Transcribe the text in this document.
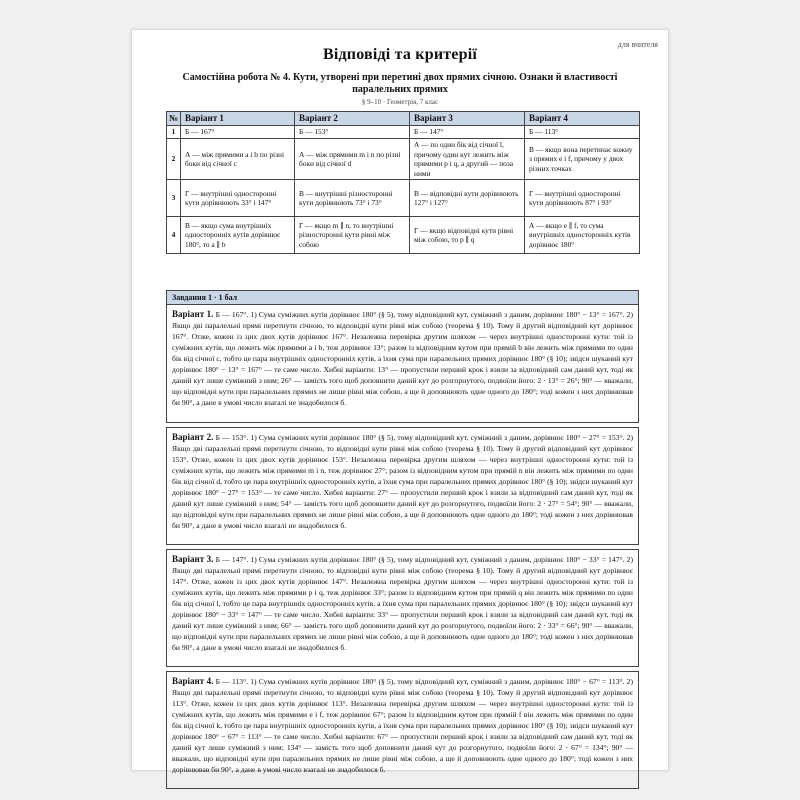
для вчителя
Відповіді та критерії
Самостійна робота № 4. Кути, утворені при перетині двох прямих січною. Ознаки й властивості паралельних прямих
§ 9–10 · Геометрія, 7 клас
№	Варіант 1	Варіант 2	Варіант 3	Варіант 4
1	Б — 167°	Б — 153°	Б — 147°	Б — 113°
2	А — між прямими a і b по різні боки від січної c	А — між прямими m і n по різні боки від січної d	А — по один бік від січної l, причому один кут лежить між прямими p і q, а другий — поза ними	В — якщо вона перетинає кожну з прямих e і f, причому у двох різних точках
3	Г — внутрішні односторонні кути дорівнюють 33° і 147°	В — внутрішні різносторонні кути дорівнюють 73° і 73°	В — відповідні кути дорівнюють 127° і 127°	Г — внутрішні односторонні кути дорівнюють 87° і 93°
4	В — якщо сума внутрішніх односторонніх кутів дорівнює 180°, то a ∥ b	Г — якщо m ∥ n, то внутрішні різносторонні кути рівні між собою	Г — якщо відповідні кути рівні між собою, то p ∥ q	А — якщо e ∥ f, то сума внутрішніх односторонніх кутів дорівнює 180°
Завдання 1 · 1 бал
Варіант 1. Б — 167°. 1) Сума суміжних кутів дорівнює 180° (§ 5), тому відповідний кут, суміжний з даним, дорівнює 180° − 13° = 167°. 2) Якщо дві паралельні прямі перетнути січною, то відповідні кути рівні між собою (теорема § 10). Тому й другий відповідний кут дорівнює 167°. Отже, кожен із цих двох кутів дорівнює 167°. Незалежна перевірка другим шляхом — через внутрішні односторонні кути: той із суміжних кутів, що лежить між прямими a і b, теж дорівнює 13°; разом із відповідним кутом при прямій b він лежить між прямими по один бік від січної c, тобто це пара внутрішніх односторонніх кутів, а їхня сума при паралельних прямих дорівнює 180° (§ 10); звідси шуканий кут дорівнює 180° − 13° = 167° — те саме число. Хибні варіанти: 13° — пропустили перший крок і взяли за відповідний сам даний кут, тоді як даний кут лише суміжний з ним; 26° — замість того щоб доповнити даний кут до розгорнутого, подвоїли його: 2 · 13° = 26°; 90° — вважали, що відповідні кути при паралельних прямих не лише рівні між собою, а ще й доповнюють одне одного до 180°; тоді кожен з них дорівнював би 90°, а дане в умові число взагалі не знадобилося б.
Варіант 2. Б — 153°. 1) Сума суміжних кутів дорівнює 180° (§ 5), тому відповідний кут, суміжний з даним, дорівнює 180° − 27° = 153°. 2) Якщо дві паралельні прямі перетнути січною, то відповідні кути рівні між собою (теорема § 10). Тому й другий відповідний кут дорівнює 153°. Отже, кожен із цих двох кутів дорівнює 153°. Незалежна перевірка другим шляхом — через внутрішні односторонні кути: той із суміжних кутів, що лежить між прямими m і n, теж дорівнює 27°; разом із відповідним кутом при прямій n він лежить між прямими по один бік від січної d, тобто це пара внутрішніх односторонніх кутів, а їхня сума при паралельних прямих дорівнює 180° (§ 10); звідси шуканий кут дорівнює 180° − 27° = 153° — те саме число. Хибні варіанти: 27° — пропустили перший крок і взяли за відповідний сам даний кут, тоді як даний кут лише суміжний з ним; 54° — замість того щоб доповнити даний кут до розгорнутого, подвоїли його: 2 · 27° = 54°; 90° — вважали, що відповідні кути при паралельних прямих не лише рівні між собою, а ще й доповнюють одне одного до 180°; тоді кожен з них дорівнював би 90°, а дане в умові число взагалі не знадобилося б.
Варіант 3. Б — 147°. 1) Сума суміжних кутів дорівнює 180° (§ 5), тому відповідний кут, суміжний з даним, дорівнює 180° − 33° = 147°. 2) Якщо дві паралельні прямі перетнути січною, то відповідні кути рівні між собою (теорема § 10). Тому й другий відповідний кут дорівнює 147°. Отже, кожен із цих двох кутів дорівнює 147°. Незалежна перевірка другим шляхом — через внутрішні односторонні кути: той із суміжних кутів, що лежить між прямими p і q, теж дорівнює 33°; разом із відповідним кутом при прямій q він лежить між прямими по один бік від січної l, тобто це пара внутрішніх односторонніх кутів, а їхня сума при паралельних прямих дорівнює 180° (§ 10); звідси шуканий кут дорівнює 180° − 33° = 147° — те саме число. Хибні варіанти: 33° — пропустили перший крок і взяли за відповідний сам даний кут, тоді як даний кут лише суміжний з ним; 66° — замість того щоб доповнити даний кут до розгорнутого, подвоїли його: 2 · 33° = 66°; 90° — вважали, що відповідні кути при паралельних прямих не лише рівні між собою, а ще й доповнюють одне одного до 180°; тоді кожен з них дорівнював би 90°, а дане в умові число взагалі не знадобилося б.
Варіант 4. Б — 113°. 1) Сума суміжних кутів дорівнює 180° (§ 5), тому відповідний кут, суміжний з даним, дорівнює 180° − 67° = 113°. 2) Якщо дві паралельні прямі перетнути січною, то відповідні кути рівні між собою (теорема § 10). Тому й другий відповідний кут дорівнює 113°. Отже, кожен із цих двох кутів дорівнює 113°. Незалежна перевірка другим шляхом — через внутрішні односторонні кути: той із суміжних кутів, що лежить між прямими e і f, теж дорівнює 67°; разом із відповідним кутом при прямій f він лежить між прямими по один бік від січної k, тобто це пара внутрішніх односторонніх кутів, а їхня сума при паралельних прямих дорівнює 180° (§ 10); звідси шуканий кут дорівнює 180° − 67° = 113° — те саме число. Хибні варіанти: 67° — пропустили перший крок і взяли за відповідний сам даний кут, тоді як даний кут лише суміжний з ним; 134° — замість того щоб доповнити даний кут до розгорнутого, подвоїли його: 2 · 67° = 134°; 90° — вважали, що відповідні кути при паралельних прямих не лише рівні між собою, а ще й доповнюють одне одного до 180°; тоді кожен з них дорівнював би 90°, а дане в умові число взагалі не знадобилося б.
